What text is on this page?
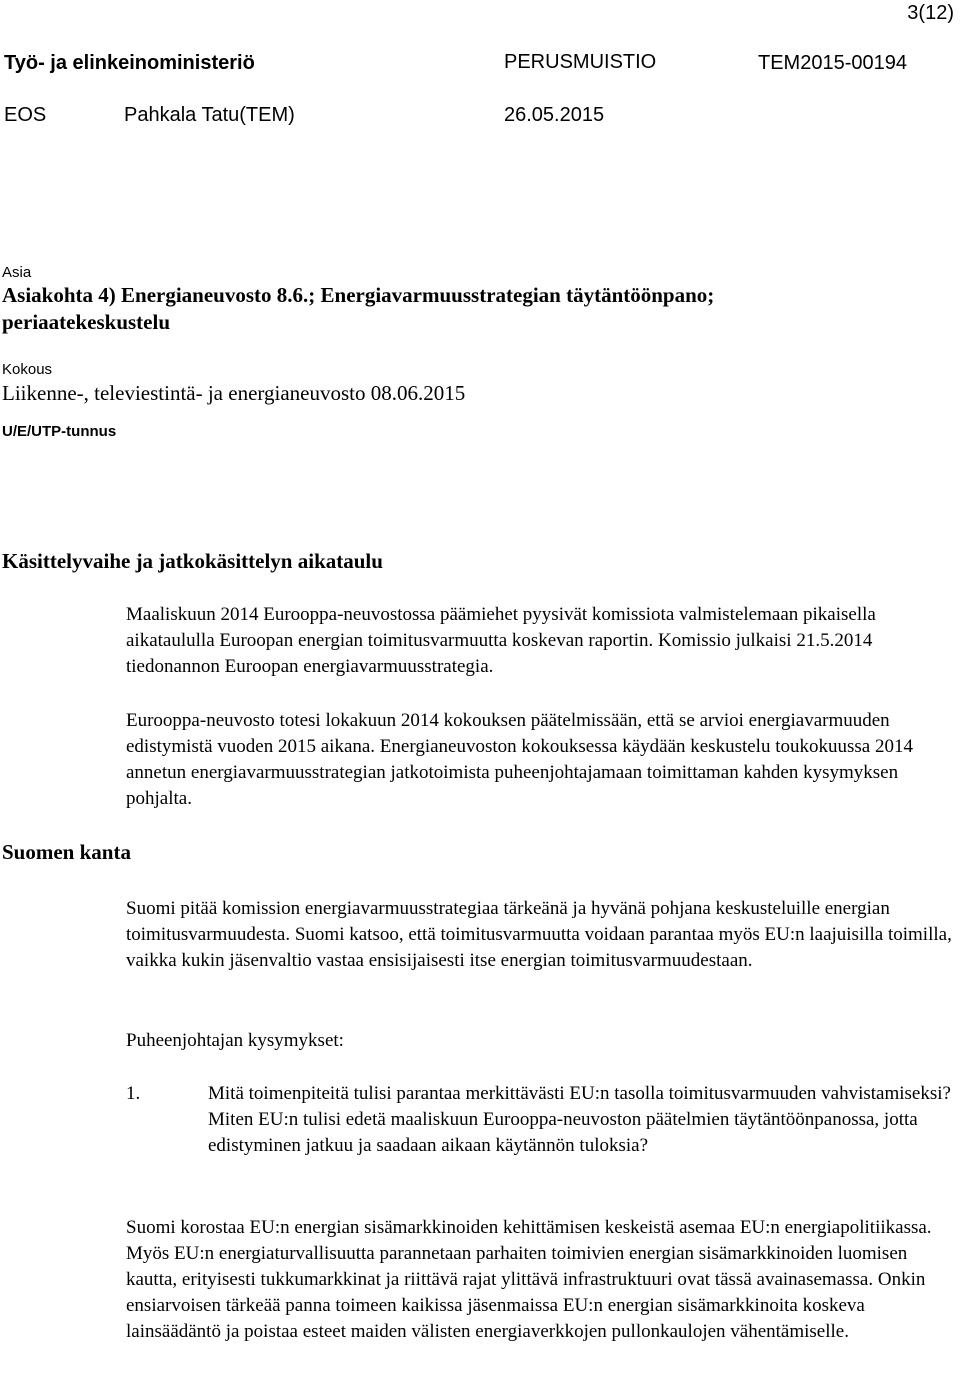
3(12)
Työ- ja elinkeinoministeriö	PERUSMUISTIO	TEM2015-00194
EOS	Pahkala Tatu(TEM)	26.05.2015
Asia
Asiakohta 4) Energianeuvosto 8.6.; Energiavarmuusstrategian täytäntöönpano;
periaatekeskustelu
Kokous
Liikenne-, televiestintä- ja energianeuvosto 08.06.2015
U/E/UTP-tunnus
Käsittelyvaihe ja jatkokäsittelyn aikataulu

Maaliskuun 2014 Eurooppa-neuvostossa päämiehet pyysivät komissiota valmistelemaan pikaisella aikataululla Euroopan energian toimitusvarmuutta koskevan raportin. Komissio julkaisi 21.5.2014 tiedonannon Euroopan energiavarmuusstrategia.

Eurooppa-neuvosto totesi lokakuun 2014 kokouksen päätelmissään, että se arvioi energiavarmuuden edistymistä vuoden 2015 aikana. Energianeuvoston kokouksessa käydään keskustelu toukokuussa 2014 annetun energiavarmuusstrategian jatkotoimista puheenjohtajamaan toimittaman kahden kysymyksen pohjalta.

Suomen kanta

Suomi pitää komission energiavarmuusstrategiaa tärkeänä ja hyvänä pohjana keskusteluille energian toimitusvarmuudesta. Suomi katsoo, että toimitusvarmuutta voidaan parantaa myös EU:n laajuisilla toimilla, vaikka kukin jäsenvaltio vastaa ensisijaisesti itse energian toimitusvarmuudestaan.

Puheenjohtajan kysymykset:
1.	Mitä toimenpiteitä tulisi parantaa merkittävästi EU:n tasolla toimitusvarmuuden vahvistamiseksi? Miten EU:n tulisi edetä maaliskuun Eurooppa-neuvoston päätelmien täytäntöönpanossa, jotta edistyminen jatkuu ja saadaan aikaan käytännön tuloksia?

Suomi korostaa EU:n energian sisämarkkinoiden kehittämisen keskeistä asemaa EU:n energiapolitiikassa. Myös EU:n energiaturvallisuutta parannetaan parhaiten toimivien energian sisämarkkinoiden luomisen kautta, erityisesti tukkumarkkinat ja riittävä rajat ylittävä infrastruktuuri ovat tässä avainasemassa. Onkin ensiarvoisen tärkeää panna toimeen kaikissa jäsenmaissa EU:n energian sisämarkkinoita koskeva lainsäädäntö ja poistaa esteet maiden välisten energiaverkkojen pullonkaulojen vähentämiselle.
